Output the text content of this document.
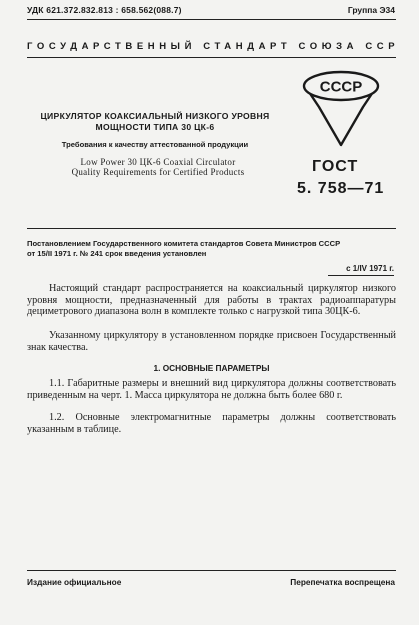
УДК 621.372.832.813 : 658.562(088.7)	Группа Э34
ГОСУДАРСТВЕННЫЙ СТАНДАРТ СОЮЗА ССР
ЦИРКУЛЯТОР КОАКСИАЛЬНЫЙ НИЗКОГО УРОВНЯ
МОЩНОСТИ ТИПА 30 ЦК-6
Требования к качеству аттестованной продукции
Low Power 30 ЦК-6 Coaxial Circulator
Quality Requirements for Certified Products
СССР
ГОСТ
5. 758—71
Постановлением Государственного комитета стандартов Совета Министров СССР
от 15/II 1971 г. № 241 срок введения установлен
с 1/IV 1971 г.
Настоящий стандарт распространяется на коаксиальный циркулятор низкого уровня мощности, предназначенный для работы в трактах радиоаппаратуры дециметрового диапазона волн в комплекте только с нагрузкой типа 30ЦК-6.
Указанному циркулятору в установленном порядке присвоен Государственный знак качества.
1. ОСНОВНЫЕ ПАРАМЕТРЫ
1.1. Габаритные размеры и внешний вид циркулятора должны соответствовать приведенным на черт. 1. Масса циркулятора не должна быть более 680 г.
1.2. Основные электромагнитные параметры должны соответствовать указанным в таблице.
Издание официальное	Перепечатка воспрещена
